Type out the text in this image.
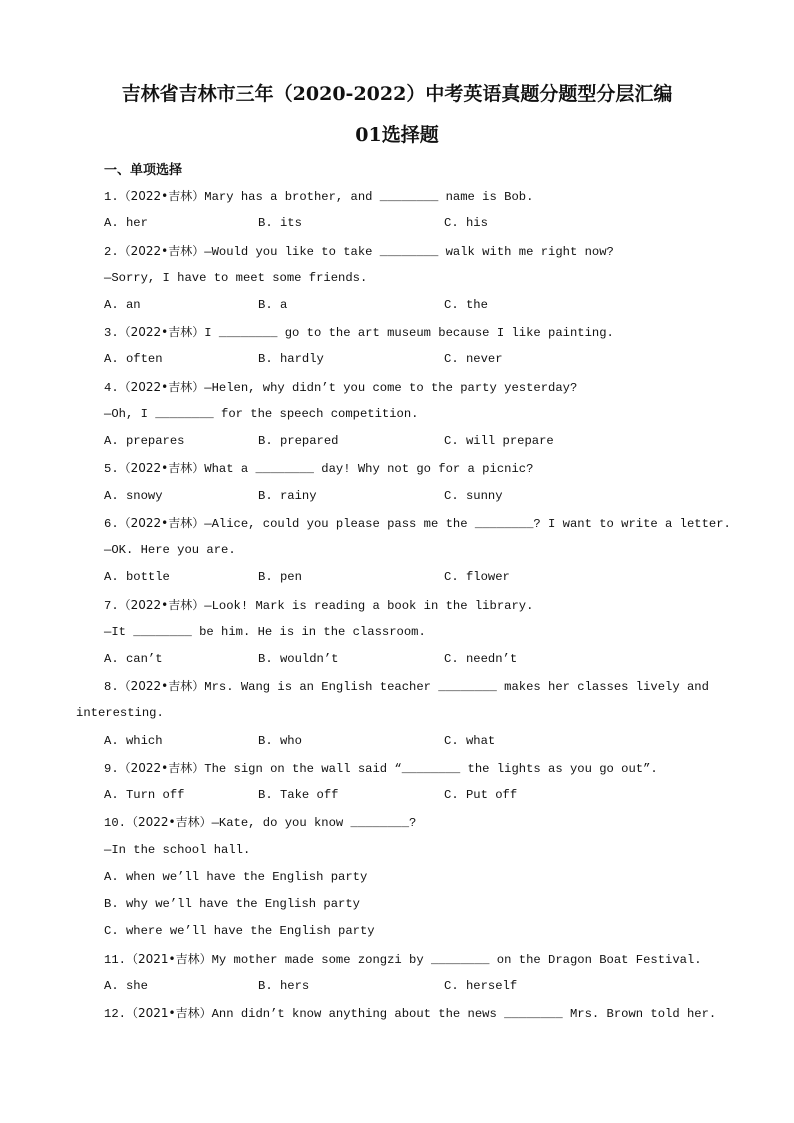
吉林省吉林市三年（2020-2022）中考英语真题分题型分层汇编
01选择题
一、单项选择
1.（2022•吉林）Mary has a brother, and ________ name is Bob.
A. her	B. its	C. his
2.（2022•吉林）—Would you like to take ________ walk with me right now?
—Sorry, I have to meet some friends.
A. an	B. a	C. the
3.（2022•吉林）I ________ go to the art museum because I like painting.
A. often	B. hardly	C. never
4.（2022•吉林）—Helen, why didn’t you come to the party yesterday?
—Oh, I ________ for the speech competition.
A. prepares	B. prepared	C. will prepare
5.（2022•吉林）What a ________ day! Why not go for a picnic?
A. snowy	B. rainy	C. sunny
6.（2022•吉林）—Alice, could you please pass me the ________? I want to write a letter.
—OK. Here you are.
A. bottle	B. pen	C. flower
7.（2022•吉林）—Look! Mark is reading a book in the library.
—It ________ be him. He is in the classroom.
A. can’t	B. wouldn’t	C. needn’t
8.（2022•吉林）Mrs. Wang is an English teacher ________ makes her classes lively and
interesting.
A. which	B. who	C. what
9.（2022•吉林）The sign on the wall said “________ the lights as you go out”.
A. Turn off	B. Take off	C. Put off
10.（2022•吉林）—Kate, do you know ________?
—In the school hall.
A. when we’ll have the English party
B. why we’ll have the English party
C. where we’ll have the English party
11.（2021•吉林）My mother made some zongzi by ________ on the Dragon Boat Festival.
A. she	B. hers	C. herself
12.（2021•吉林）Ann didn’t know anything about the news ________ Mrs. Brown told her.
